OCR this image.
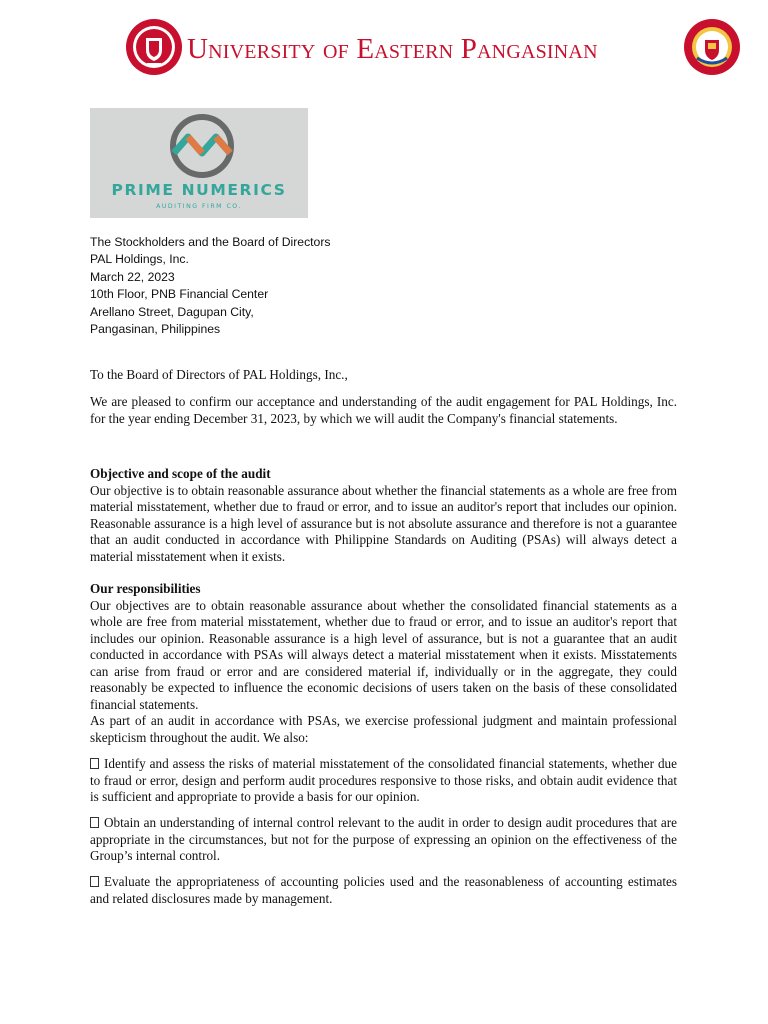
University of Eastern Pangasinan
PRIME NUMERICS
AUDITING FIRM CO.
The Stockholders and the Board of Directors
PAL Holdings, Inc.
March 22, 2023
10th Floor, PNB Financial Center
Arellano Street, Dagupan City,
Pangasinan, Philippines
To the Board of Directors of PAL Holdings, Inc.,
We are pleased to confirm our acceptance and understanding of the audit engagement for PAL Holdings, Inc. for the year ending December 31, 2023, by which we will audit the Company's financial statements.
Objective and scope of the audit

Our objective is to obtain reasonable assurance about whether the financial statements as a whole are free from material misstatement, whether due to fraud or error, and to issue an auditor's report that includes our opinion. Reasonable assurance is a high level of assurance but is not absolute assurance and therefore is not a guarantee that an audit conducted in accordance with Philippine Standards on Auditing (PSAs) will always detect a material misstatement when it exists.

Our responsibilities

Our objectives are to obtain reasonable assurance about whether the consolidated financial statements as a whole are free from material misstatement, whether due to fraud or error, and to issue an auditor's report that includes our opinion. Reasonable assurance is a high level of assurance, but is not a guarantee that an audit conducted in accordance with PSAs will always detect a material misstatement when it exists. Misstatements can arise from fraud or error and are considered material if, individually or in the aggregate, they could reasonably be expected to influence the economic decisions of users taken on the basis of these consolidated financial statements.

As part of an audit in accordance with PSAs, we exercise professional judgment and maintain professional skepticism throughout the audit. We also:

Identify and assess the risks of material misstatement of the consolidated financial statements, whether due to fraud or error, design and perform audit procedures responsive to those risks, and obtain audit evidence that is sufficient and appropriate to provide a basis for our opinion.
Obtain an understanding of internal control relevant to the audit in order to design audit procedures that are appropriate in the circumstances, but not for the purpose of expressing an opinion on the effectiveness of the Group’s internal control.
Evaluate the appropriateness of accounting policies used and the reasonableness of accounting estimates and related disclosures made by management.
